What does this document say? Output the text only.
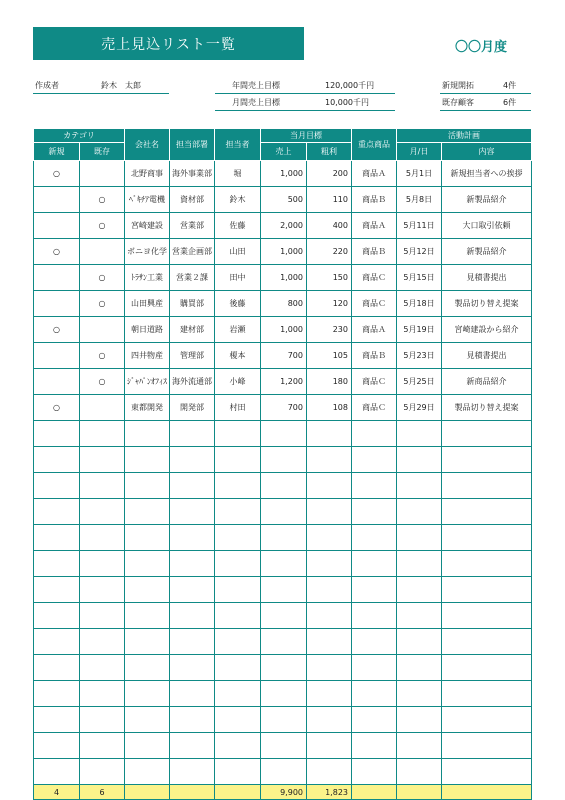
売上見込リスト一覧	〇〇月度
作成者	鈴木　太郎	年間売上目標	120,000千円
月間売上目標	10,000千円
新規開拓	4件
既存顧客	6件
カテゴリ		会社名	担当部署	担当者	当月目標		重点商品	活動計画	
新規	既存				売上	粗利		月/日	内容
○		北野商事	海外事業部	堀	1,000	200	商品Ａ	5月1日	新規担当者への挨拶
	○	ﾍﾞｷﾁｱ電機	資材部	鈴木	500	110	商品Ｂ	5月8日	新製品紹介
	○	宮崎建設	営業部	佐藤	2,000	400	商品Ａ	5月11日	大口取引依頼
○		ボニヨ化学	営業企画部	山田	1,000	220	商品Ｂ	5月12日	新製品紹介
	○	ﾄﾗｻﾝ工業	営業２課	田中	1,000	150	商品Ｃ	5月15日	見積書提出
	○	山田興産	購買部	後藤	800	120	商品Ｃ	5月18日	製品切り替え提案
○		朝日道路	建材部	岩瀬	1,000	230	商品Ａ	5月19日	宮崎建設から紹介
	○	四井物産	管理部	榎本	700	105	商品Ｂ	5月23日	見積書提出
	○	ｼﾞｬﾊﾟﾝｵﾌｨｽ	海外流通部	小峰	1,200	180	商品Ｃ	5月25日	新商品紹介
○		東都開発	開発部	村田	700	108	商品Ｃ	5月29日	製品切り替え提案

4	6				9,900	1,823			
